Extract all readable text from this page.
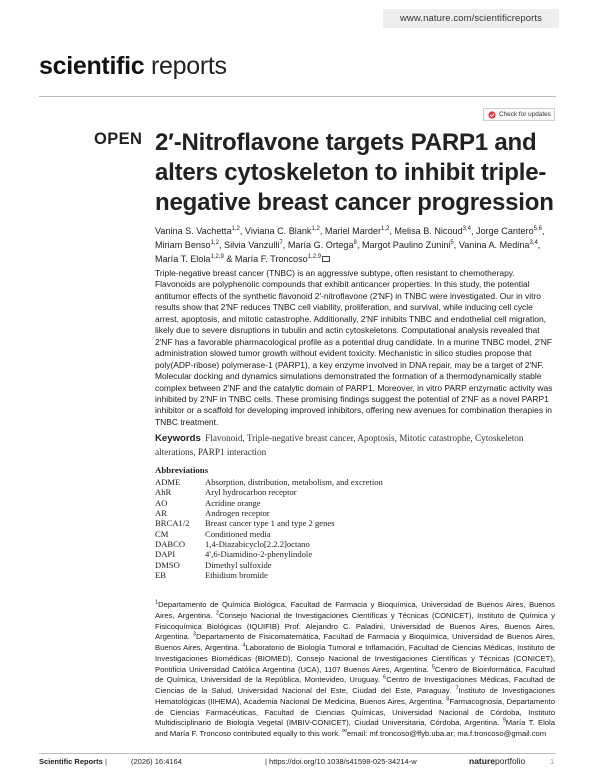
www.nature.com/scientificreports
scientific reports
Check for updates
OPEN 2′-Nitroflavone targets PARP1 and alters cytoskeleton to inhibit triple-negative breast cancer progression
Vanina S. Vachetta$^{1,2}$, Viviana C. Blank$^{1,2}$, Mariel Marder$^{1,2}$, Melisa B. Nicoud$^{3,4}$, Jorge Cantero$^{5,6}$, Miriam Benso$^{1,2}$, Silvia Vanzulli$^7$, María G. Ortega$^8$, Margot Paulino Zunini$^5$, Vanina A. Medina$^{3,4}$, María T. Elola$^{1,2,9}$ & María F. Troncoso$^{1,2,9}$

Triple-negative breast cancer (TNBC) is an aggressive subtype, often resistant to chemotherapy. Flavonoids are polyphenolic compounds that exhibit anticancer properties. In this study, the potential antitumor effects of the synthetic flavonoid 2′-nitroflavone (2′NF) in TNBC were investigated. Our in vitro results show that 2′NF reduces TNBC cell viability, proliferation, and survival, while inducing cell cycle arrest, apoptosis, and mitotic catastrophe. Additionally, 2′NF inhibits TNBC and endothelial cell migration, likely due to severe disruptions in tubulin and actin cytoskeletons. Computational analysis revealed that 2′NF has a favorable pharmacological profile as a potential drug candidate. In a murine TNBC model, 2′NF administration slowed tumor growth without evident toxicity. Mechanistic in silico studies propose that poly(ADP-ribose) polymerase-1 (PARP1), a key enzyme involved in DNA repair, may be a target of 2′NF. Molecular docking and dynamics simulations demonstrated the formation of a thermodynamically stable complex between 2′NF and the catalytic domain of PARP1. Moreover, in vitro PARP enzymatic activity was inhibited by 2′NF in TNBC cells. These promising findings suggest the potential of 2′NF as a novel PARP1 inhibitor or a scaffold for developing improved inhibitors, offering new avenues for combination therapies in TNBC treatment.

Keywords Flavonoid, Triple-negative breast cancer, Apoptosis, Mitotic catastrophe, Cytoskeleton alterations, PARP1 interaction
Abbreviations
ADME	Absorption, distribution, metabolism, and excretion
AhR	Aryl hydrocarbon receptor
AO	Acridine orange
AR	Androgen receptor
BRCA1/2	Breast cancer type 1 and type 2 genes
CM	Conditioned media
DABCO	1,4-Diazabicyclo[2.2.2]octano
DAPI	4′,6-Diamidino-2-phenylindole
DMSO	Dimethyl sulfoxide
EB	Ethidium bromide

$^1$Departamento de Química Biológica, Facultad de Farmacia y Bioquímica, Universidad de Buenos Aires, Buenos Aires, Argentina. $^2$Consejo Nacional de Investigaciones Científicas y Técnicas (CONICET), Instituto de Química y Fisicoquímica Biológicas (IQUIFIB) Prof. Alejandro C. Paladini, Universidad de Buenos Aires, Buenos Aires, Argentina. $^3$Departamento de Fisicomatemática, Facultad de Farmacia y Bioquímica, Universidad de Buenos Aires, Buenos Aires, Argentina. $^4$Laboratorio de Biología Tumoral e Inflamación, Facultad de Ciencias Médicas, Instituto de Investigaciones Biomédicas (BIOMED), Consejo Nacional de Investigaciones Científicas y Técnicas (CONICET), Pontificia Universidad Católica Argentina (UCA), 1107 Buenos Aires, Argentina. $^5$Centro de Bioinformática, Facultad de Química, Universidad de la República, Montevideo, Uruguay. $^6$Centro de Investigaciones Médicas, Facultad de Ciencias de la Salud, Universidad Nacional del Este, Ciudad del Este, Paraguay. $^7$Instituto de Investigaciones Hematológicas (IIHEMA), Academia Nacional De Medicina, Buenos Aires, Argentina. $^8$Farmacognosia, Departamento de Ciencias Farmacéuticas, Facultad de Ciencias Químicas, Universidad Nacional de Córdoba, Instituto Multidisciplinario de Biología Vegetal (IMBIV-CONICET), Ciudad Universitaria, Córdoba, Argentina. $^9$María T. Elola and María F. Troncoso contributed equally to this work. ✉email: mf.troncoso@ffyb.uba.ar; ma.f.troncoso@gmail.com

Scientific Reports |	(2026) 16:4164	| https://doi.org/10.1038/s41598-025-34214-w	natureportfolio	1
